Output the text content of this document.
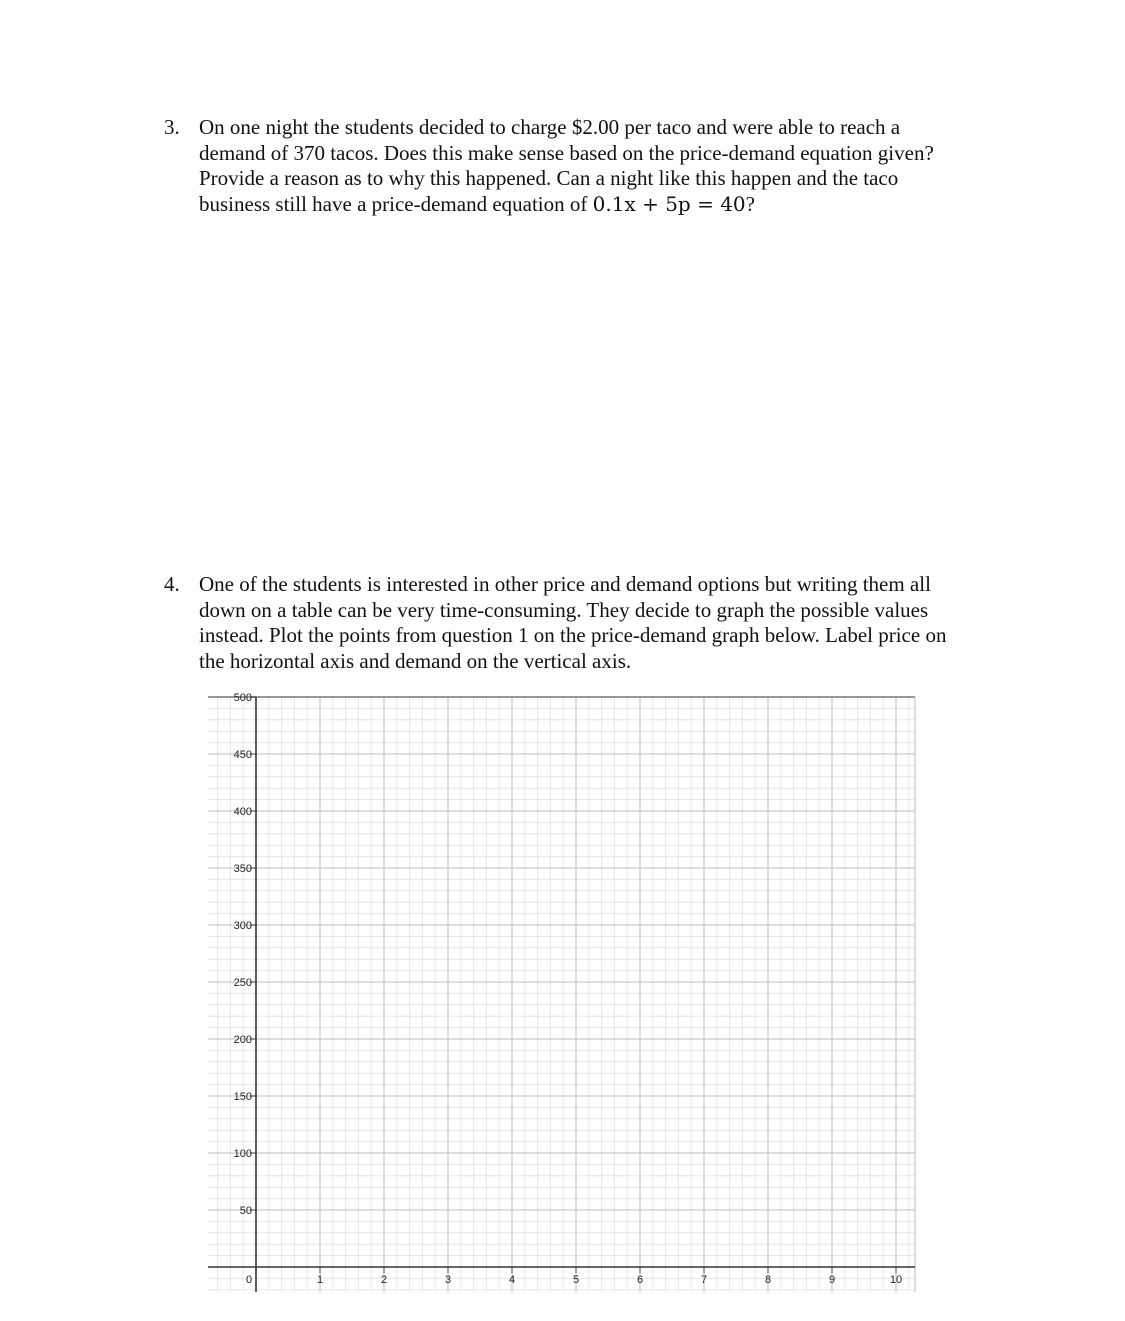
3. On one night the students decided to charge $2.00 per taco and were able to reach a
demand of 370 tacos. Does this make sense based on the price-demand equation given?
Provide a reason as to why this happened. Can a night like this happen and the taco
business still have a price-demand equation of 0.1x + 5p = 40?
4. One of the students is interested in other price and demand options but writing them all
down on a table can be very time-consuming. They decide to graph the possible values
instead. Plot the points from question 1 on the price-demand graph below. Label price on
the horizontal axis and demand on the vertical axis.
0	1	2	3	4	5	6	7	8	9	10
50
100
150
200
250
300
350
400
450
500
